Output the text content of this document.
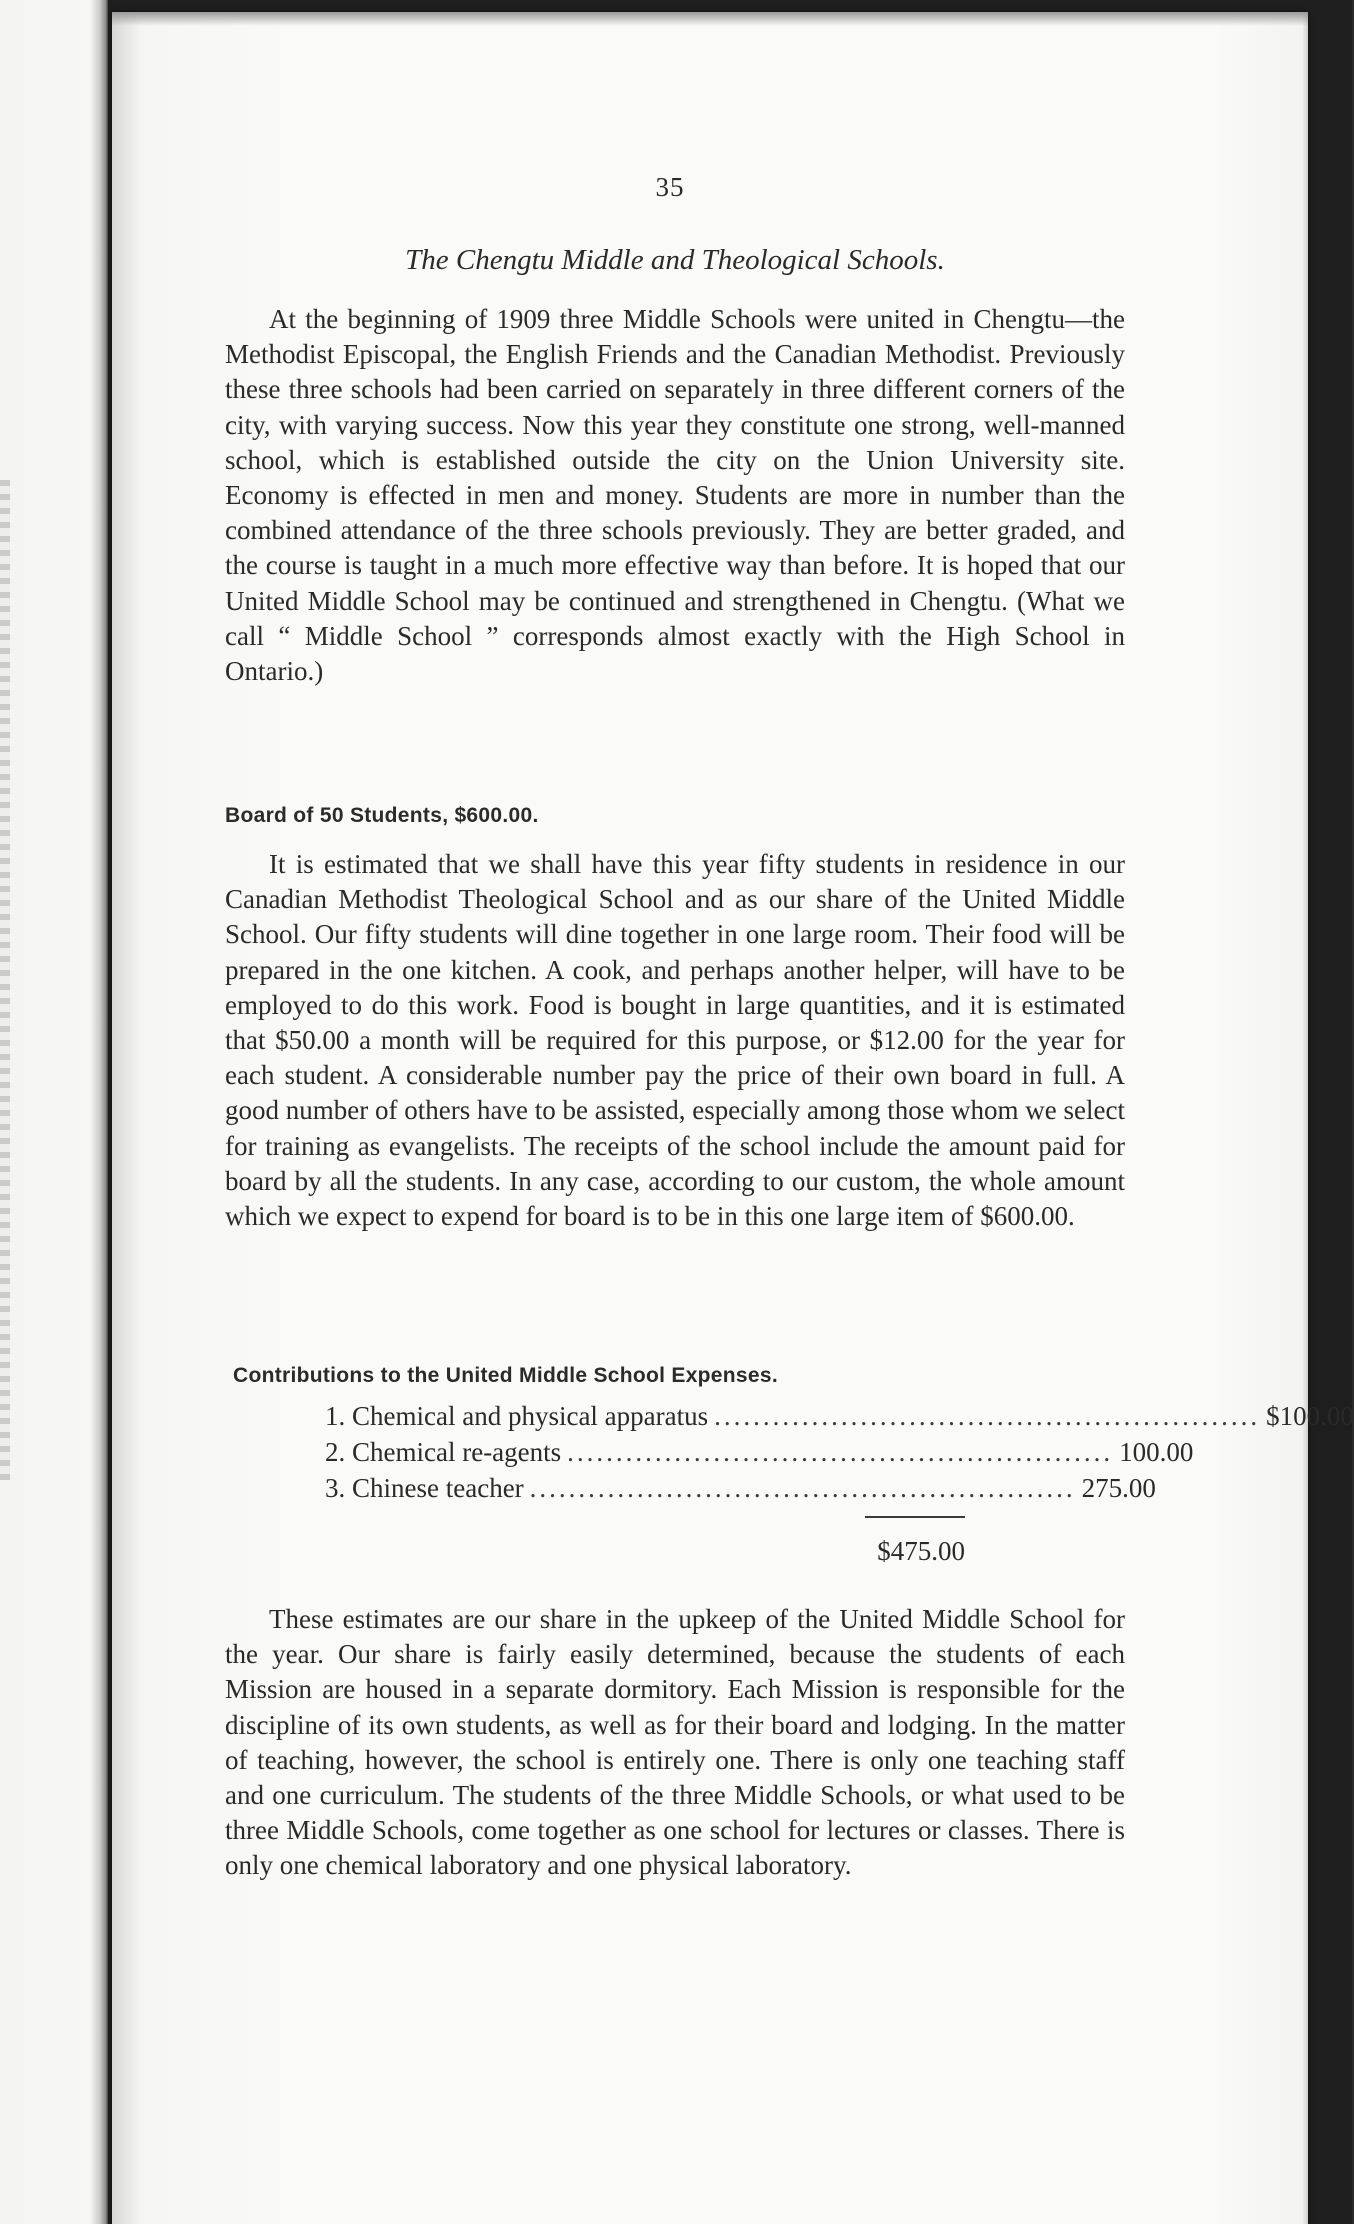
35
The Chengtu Middle and Theological Schools.
At the beginning of 1909 three Middle Schools were united in Chengtu—the Methodist Episcopal, the English Friends and the Canadian Methodist. Previously these three schools had been carried on separately in three different corners of the city, with varying success. Now this year they constitute one strong, well-manned school, which is established outside the city on the Union University site. Economy is effected in men and money. Students are more in number than the combined attendance of the three schools previously. They are better graded, and the course is taught in a much more effective way than before. It is hoped that our United Middle School may be continued and strengthened in Chengtu. (What we call “ Middle School ” corresponds almost exactly with the High School in Ontario.)
Board of 50 Students, $600.00.
It is estimated that we shall have this year fifty students in residence in our Canadian Methodist Theological School and as our share of the United Middle School. Our fifty students will dine together in one large room. Their food will be prepared in the one kitchen. A cook, and perhaps another helper, will have to be employed to do this work. Food is bought in large quantities, and it is estimated that $50.00 a month will be required for this purpose, or $12.00 for the year for each student. A considerable number pay the price of their own board in full. A good number of others have to be assisted, especially among those whom we select for training as evangelists. The receipts of the school include the amount paid for board by all the students. In any case, according to our custom, the whole amount which we expect to expend for board is to be in this one large item of $600.00.
Contributions to the United Middle School Expenses.
1. Chemical and physical apparatus ........................................................ $100.00
2. Chemical re-agents ........................................................ 100.00
3. Chinese teacher ........................................................ 275.00
$475.00
These estimates are our share in the upkeep of the United Middle School for the year. Our share is fairly easily determined, because the students of each Mission are housed in a separate dormitory. Each Mission is responsible for the discipline of its own students, as well as for their board and lodging. In the matter of teaching, however, the school is entirely one. There is only one teaching staff and one curriculum. The students of the three Middle Schools, or what used to be three Middle Schools, come together as one school for lectures or classes. There is only one chemical laboratory and one physical laboratory.
